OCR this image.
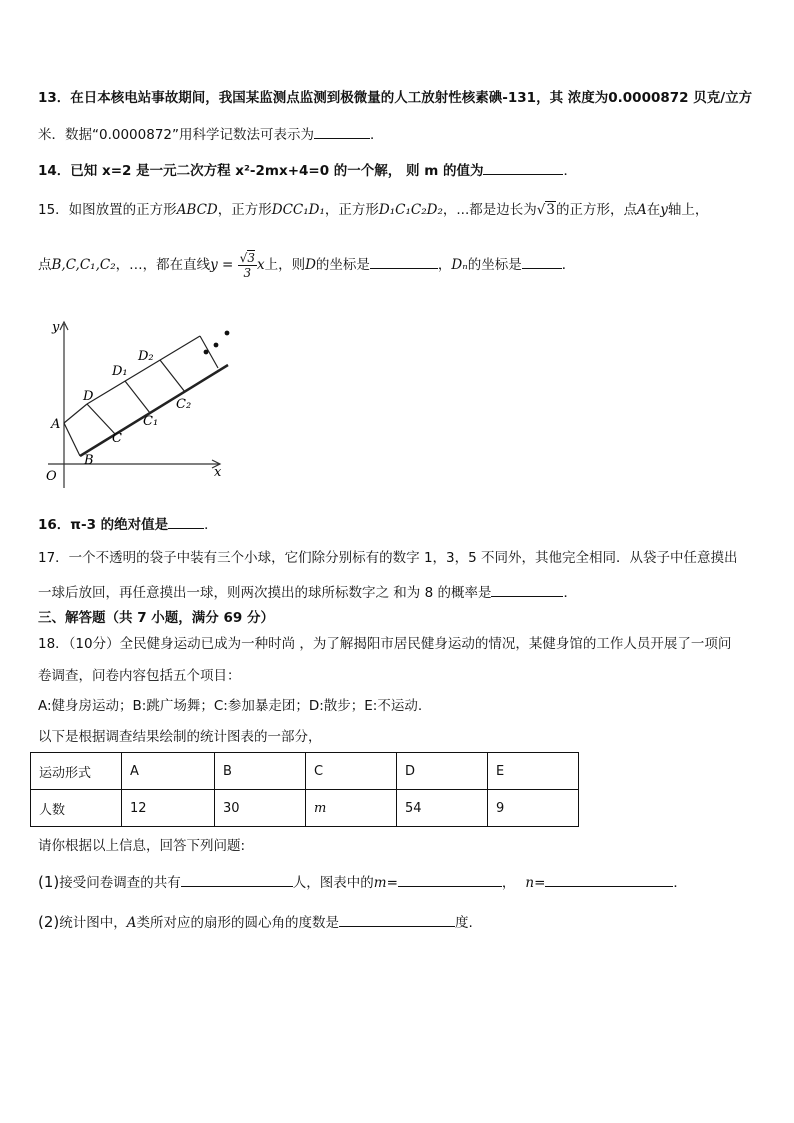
13．在日本核电站事故期间，我国某监测点监测到极微量的人工放射性核素碘-131，其 浓度为0.0000872 贝克/立方
米．数据“0.0000872”用科学记数法可表示为	．
14．已知 x=2 是一元二次方程 x²-2mx+4=0 的一个解， 则 m 的值为	．
15．如图放置的正方形ABCD，正方形DCC₁D₁，正方形D₁C₁C₂D₂，...都是边长为√3的正方形，点A在y轴上，
点B,C,C₁,C₂，…，都在直线$y = \frac{√3}{3}$ x上，则D的坐标是	，Dₙ的坐标是	．
y
x
O
A
B
C
D
D₁
C₁
D₂
C₂
16．π-3 的绝对值是	．
17．一个不透明的袋子中装有三个小球，它们除分别标有的数字 1，3，5 不同外，其他完全相同．从袋子中任意摸出
一球后放回，再任意摸出一球，则两次摸出的球所标数字之 和为 8 的概率是	．
三、解答题（共 7 小题，满分 69 分）
18．（10分）全民健身运动已成为一种时尚 ，为了解揭阳市居民健身运动的情况，某健身馆的工作人员开展了一项问
卷调查，问卷内容包括五个项目：
A:健身房运动；B:跳广场舞；C:参加暴走团；D:散步；E:不运动.
以下是根据调查结果绘制的统计图表的一部分，
运动形式	A	B	C	D	E
人数	12	30	m	54	9
请你根据以上信息，回答下列问题:
(1)接受问卷调查的共有	人，图表中的m=	， n=	．
(2)统计图中，A类所对应的扇形的圆心角的度数是	度.
